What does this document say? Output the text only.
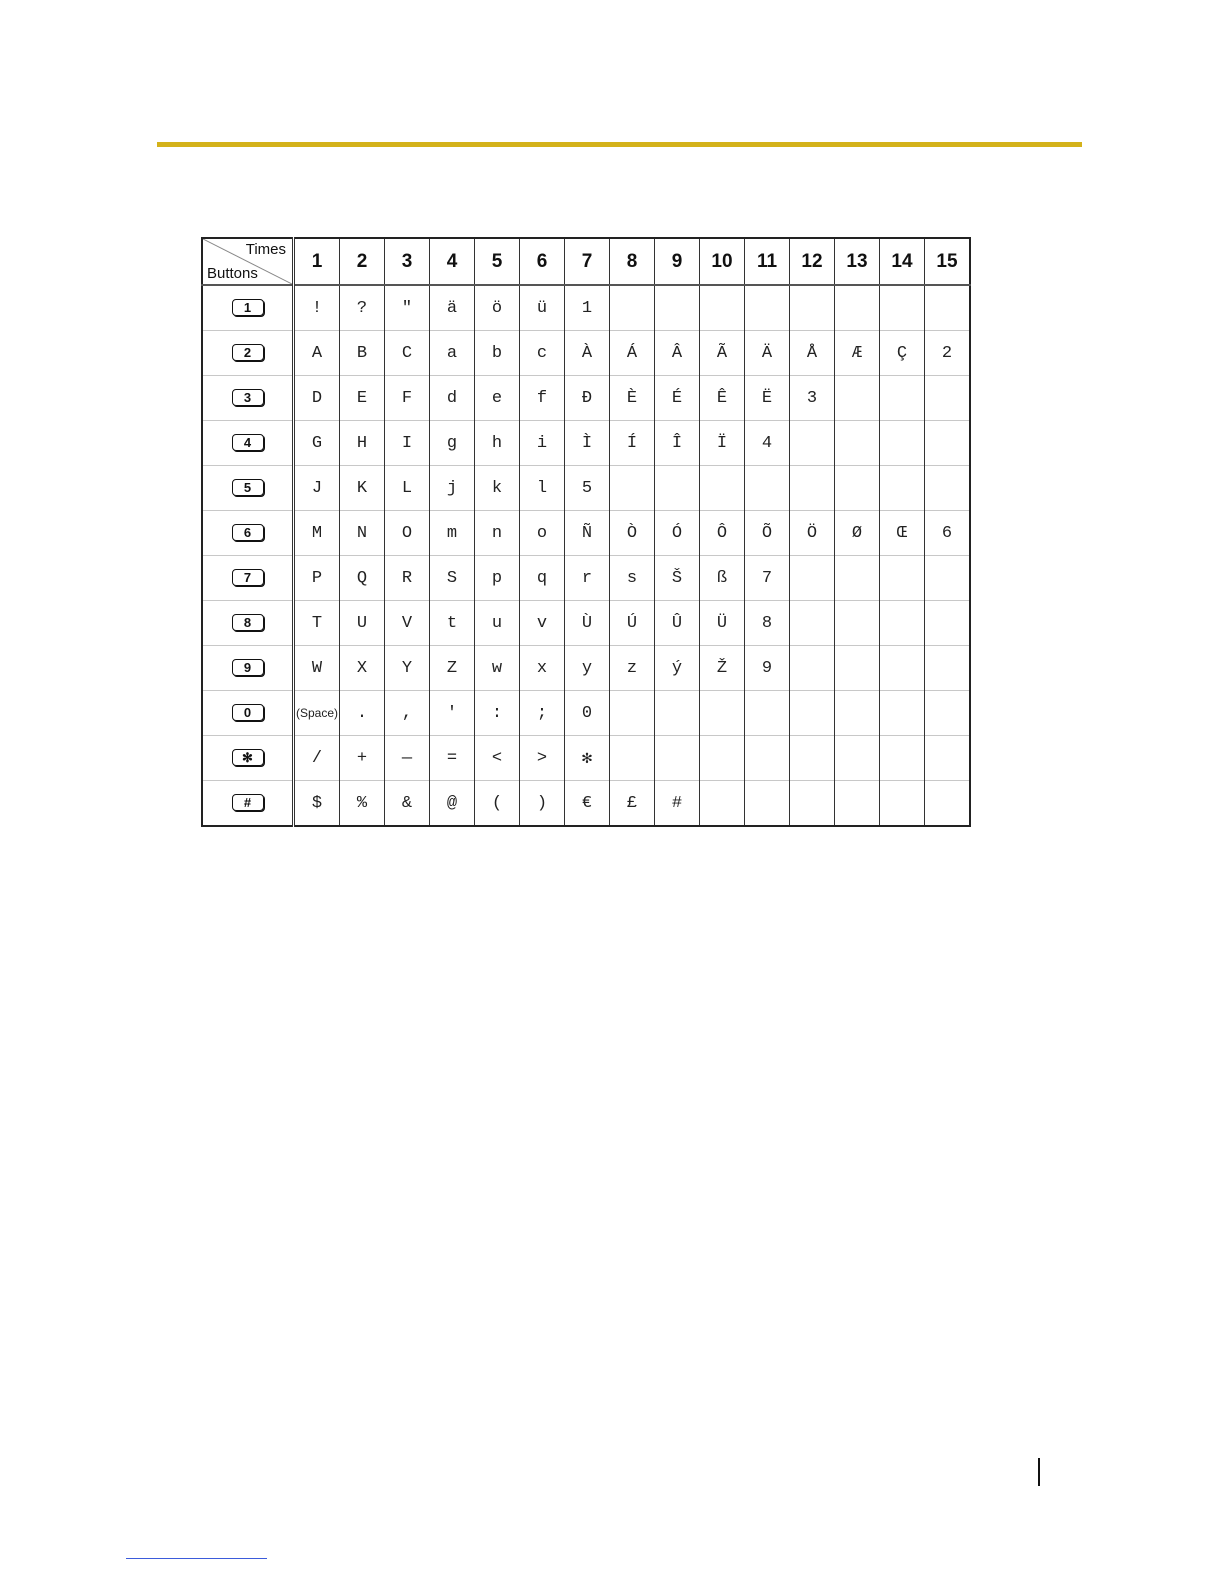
Times
Buttons	1	2	3	4	5	6	7	8	9	10	11	12	13	14	15
1	!	?	"	ä	ö	ü	1								
2	A	B	C	a	b	c	À	Á	Â	Ã	Ä	Å	Æ	Ç	2
3	D	E	F	d	e	f	Đ	È	É	Ê	Ë	3			
4	G	H	I	g	h	i	Ì	Í	Î	Ï	4				
5	J	K	L	j	k	l	5								
6	M	N	O	m	n	o	Ñ	Ò	Ó	Ô	Õ	Ö	Ø	Œ	6
7	P	Q	R	S	p	q	r	s	Š	ß	7				
8	T	U	V	t	u	v	Ù	Ú	Û	Ü	8				
9	W	X	Y	Z	w	x	y	z	ý	Ž	9				
0	(Space)	.	,	'	:	;	0								
✻	/	+	—	=	<	>	✻								
#	$	%	&	@	(	)	€	£	#						
